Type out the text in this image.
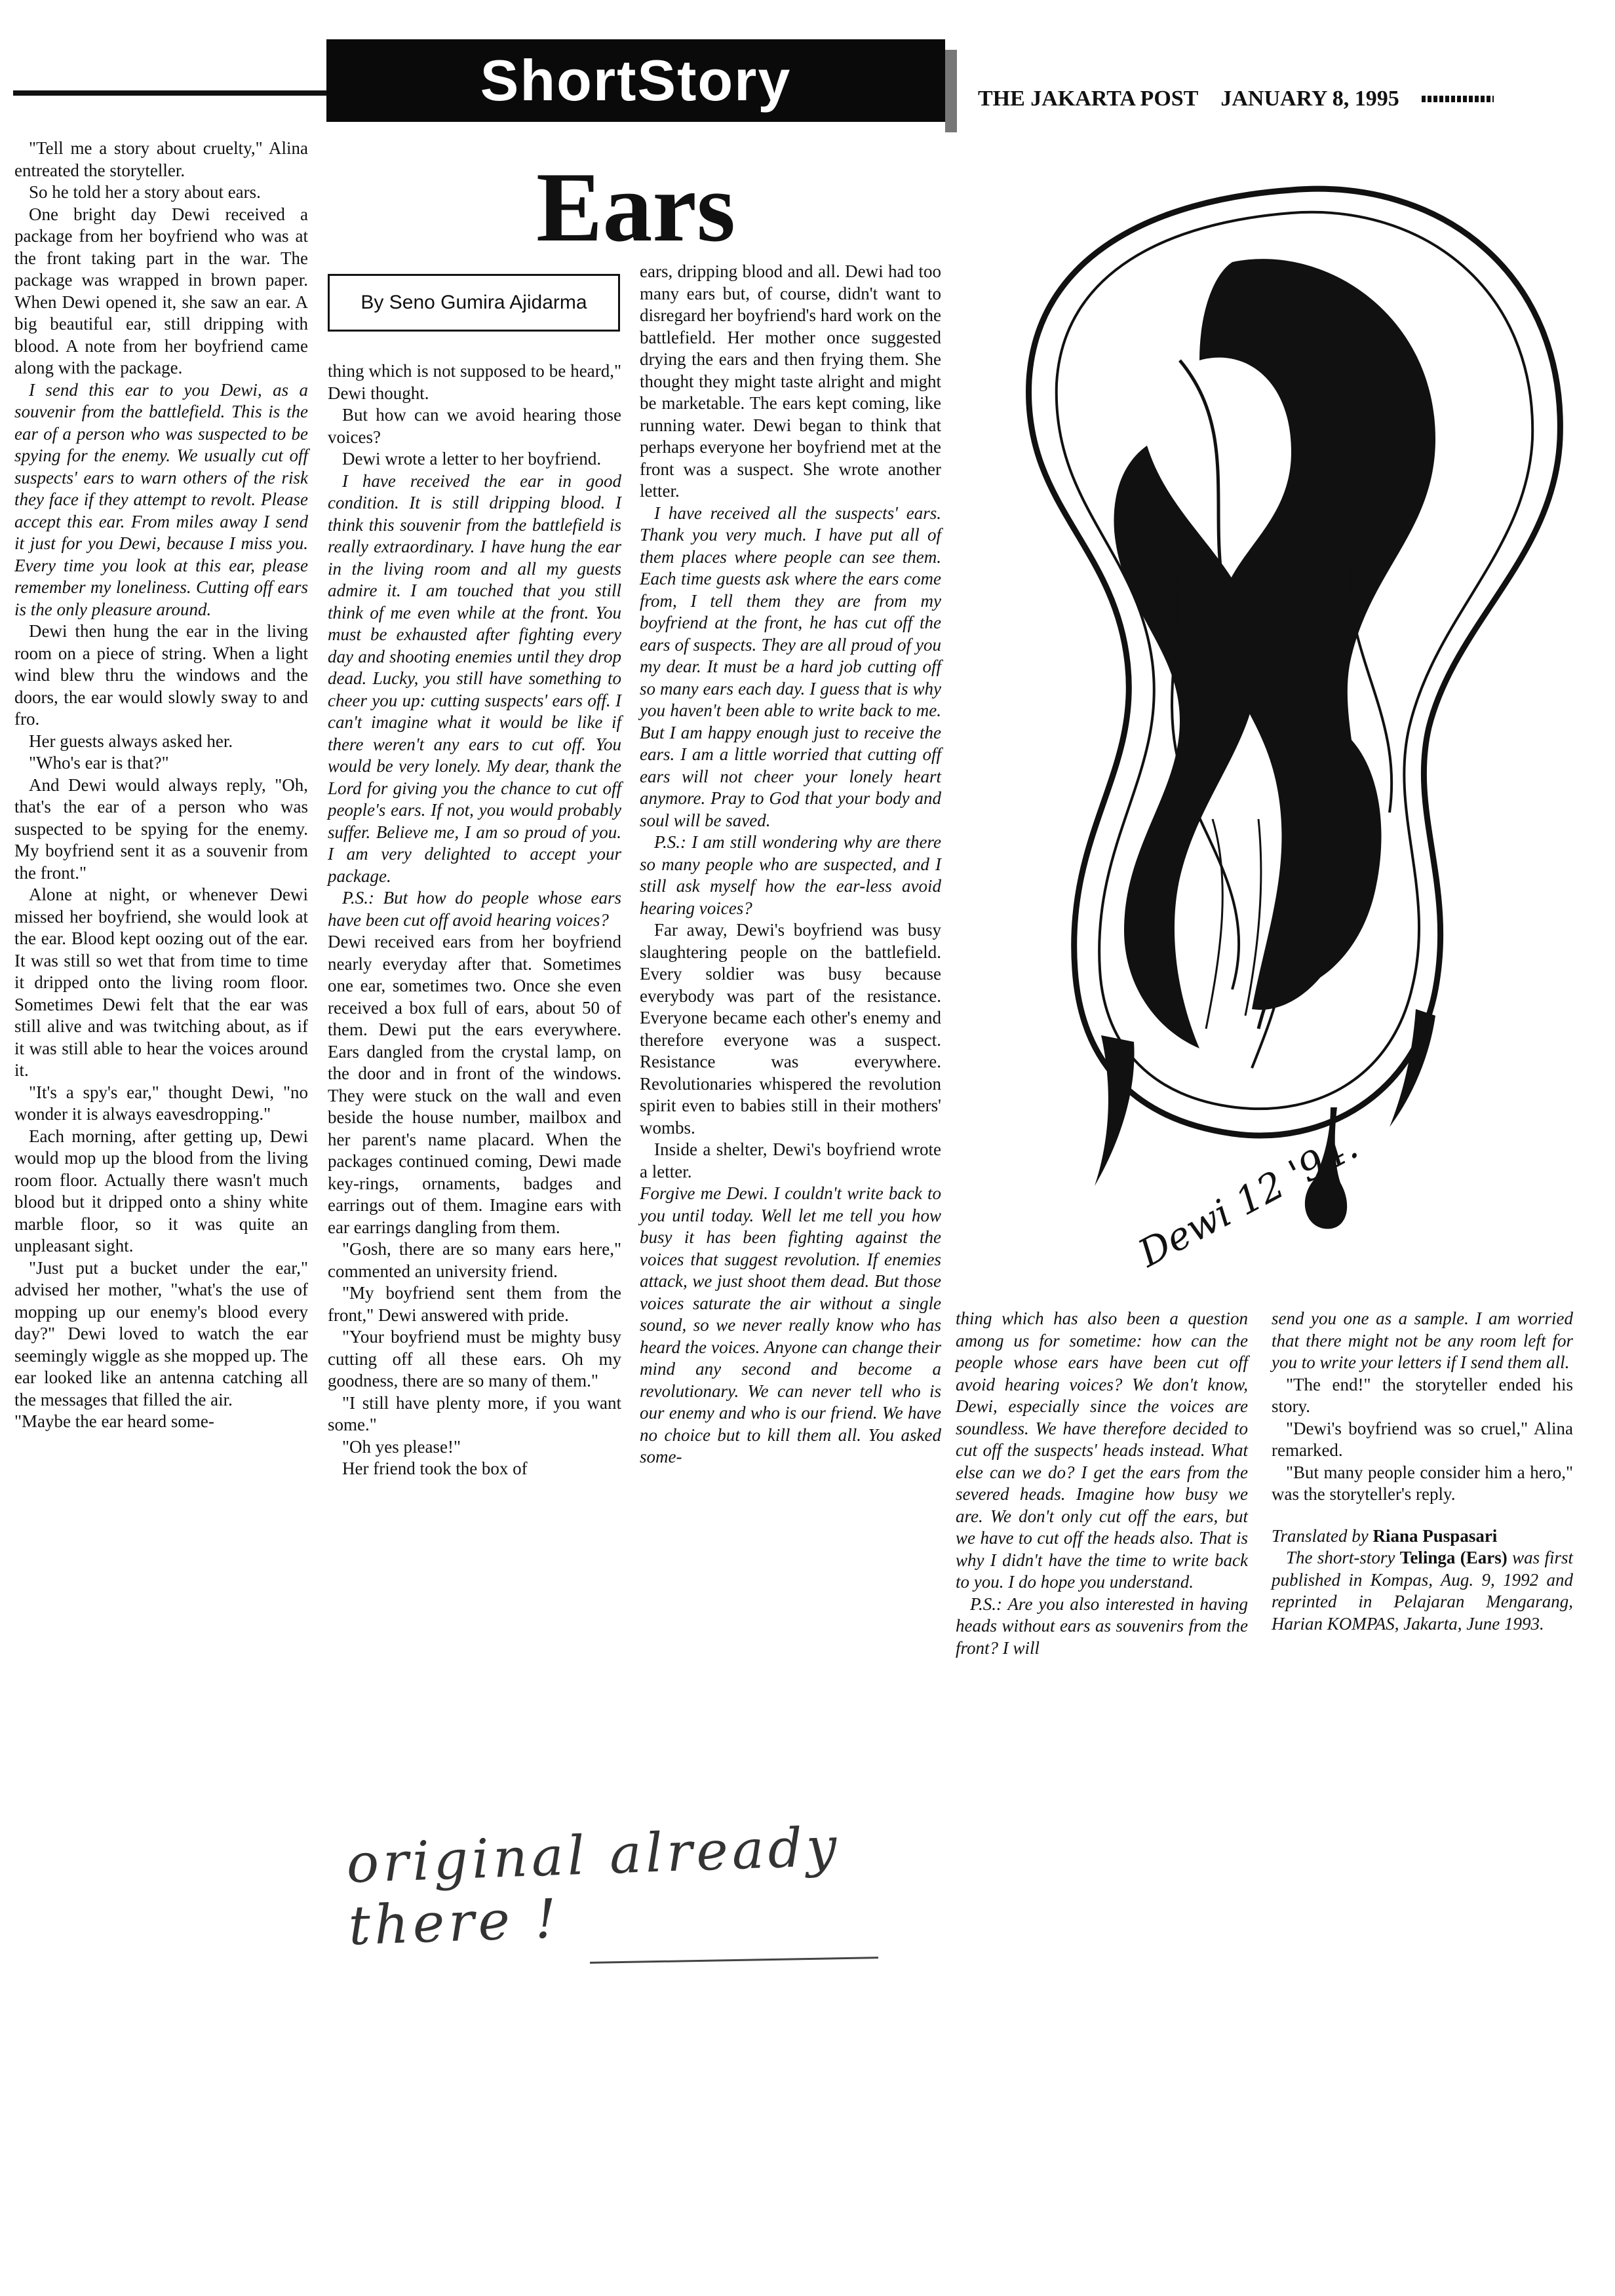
ShortStory	THE JAKARTA POST JANUARY 8, 1995
Ears
By Seno Gumira Ajidarma

"Tell me a story about cruelty," Alina entreated the storyteller.

So he told her a story about ears.

One bright day Dewi received a package from her boyfriend who was at the front taking part in the war. The package was wrapped in brown paper. When Dewi opened it, she saw an ear. A big beautiful ear, still dripping with blood. A note from her boyfriend came along with the package.

I send this ear to you Dewi, as a souvenir from the battlefield. This is the ear of a person who was suspected to be spying for the enemy. We usually cut off suspects' ears to warn others of the risk they face if they attempt to revolt. Please accept this ear. From miles away I send it just for you Dewi, because I miss you. Every time you look at this ear, please remember my loneliness. Cutting off ears is the only pleasure around.

Dewi then hung the ear in the living room on a piece of string. When a light wind blew thru the windows and the doors, the ear would slowly sway to and fro.

Her guests always asked her.

"Who's ear is that?"

And Dewi would always reply, "Oh, that's the ear of a person who was suspected to be spying for the enemy. My boyfriend sent it as a souvenir from the front."

Alone at night, or whenever Dewi missed her boyfriend, she would look at the ear. Blood kept oozing out of the ear. It was still so wet that from time to time it dripped onto the living room floor. Sometimes Dewi felt that the ear was still alive and was twitching about, as if it was still able to hear the voices around it.

"It's a spy's ear," thought Dewi, "no wonder it is always eavesdropping."

Each morning, after getting up, Dewi would mop up the blood from the living room floor. Actually there wasn't much blood but it dripped onto a shiny white marble floor, so it was quite an unpleasant sight.

"Just put a bucket under the ear," advised her mother, "what's the use of mopping up our enemy's blood every day?" Dewi loved to watch the ear seemingly wiggle as she mopped up. The ear looked like an antenna catching all the messages that filled the air.

"Maybe the ear heard some-

thing which is not supposed to be heard," Dewi thought.

But how can we avoid hearing those voices?

Dewi wrote a letter to her boyfriend.

I have received the ear in good condition. It is still dripping blood. I think this souvenir from the battlefield is really extraordinary. I have hung the ear in the living room and all my guests admire it. I am touched that you still think of me even while at the front. You must be exhausted after fighting every day and shooting enemies until they drop dead. Lucky, you still have something to cheer you up: cutting suspects' ears off. I can't imagine what it would be like if there weren't any ears to cut off. You would be very lonely. My dear, thank the Lord for giving you the chance to cut off people's ears. If not, you would probably suffer. Believe me, I am so proud of you. I am very delighted to accept your package.

P.S.: But how do people whose ears have been cut off avoid hearing voices?

Dewi received ears from her boyfriend nearly everyday after that. Sometimes one ear, sometimes two. Once she even received a box full of ears, about 50 of them. Dewi put the ears everywhere. Ears dangled from the crystal lamp, on the door and in front of the windows. They were stuck on the wall and even beside the house number, mailbox and her parent's name placard. When the packages continued coming, Dewi made key-rings, ornaments, badges and earrings out of them. Imagine ears with ear earrings dangling from them.

"Gosh, there are so many ears here," commented an university friend.

"My boyfriend sent them from the front," Dewi answered with pride.

"Your boyfriend must be mighty busy cutting off all these ears. Oh my goodness, there are so many of them."

"I still have plenty more, if you want some."

"Oh yes please!"

Her friend took the box of

ears, dripping blood and all. Dewi had too many ears but, of course, didn't want to disregard her boyfriend's hard work on the battlefield. Her mother once suggested drying the ears and then frying them. She thought they might taste alright and might be marketable. The ears kept coming, like running water. Dewi began to think that perhaps everyone her boyfriend met at the front was a suspect. She wrote another letter.

I have received all the suspects' ears. Thank you very much. I have put all of them places where people can see them. Each time guests ask where the ears come from, I tell them they are from my boyfriend at the front, he has cut off the ears of suspects. They are all proud of you my dear. It must be a hard job cutting off so many ears each day. I guess that is why you haven't been able to write back to me. But I am happy enough just to receive the ears. I am a little worried that cutting off ears will not cheer your lonely heart anymore. Pray to God that your body and soul will be saved.

P.S.: I am still wondering why are there so many people who are suspected, and I still ask myself how the ear-less avoid hearing voices?

Far away, Dewi's boyfriend was busy slaughtering people on the battlefield. Every soldier was busy because everybody was part of the resistance. Everyone became each other's enemy and therefore everyone was a suspect. Resistance was everywhere. Revolutionaries whispered the revolution spirit even to babies still in their mothers' wombs.

Inside a shelter, Dewi's boyfriend wrote a letter.

Forgive me Dewi. I couldn't write back to you until today. Well let me tell you how busy it has been fighting against the voices that suggest revolution. If enemies attack, we just shoot them dead. But those voices saturate the air without a single sound, so we never really know who has heard the voices. Anyone can change their mind any second and become a revolutionary. We can never tell who is our enemy and who is our friend. We have no choice but to kill them all. You asked some-

thing which has also been a question among us for sometime: how can the people whose ears have been cut off avoid hearing voices? We don't know, Dewi, especially since the voices are soundless. We have therefore decided to cut off the suspects' heads instead. What else can we do? I get the ears from the severed heads. Imagine how busy we are. We don't only cut off the ears, but we have to cut off the heads also. That is why I didn't have the time to write back to you. I do hope you understand.

P.S.: Are you also interested in having heads without ears as souvenirs from the front? I will

send you one as a sample. I am worried that there might not be any room left for you to write your letters if I send them all.

"The end!" the storyteller ended his story.

"Dewi's boyfriend was so cruel," Alina remarked.

"But many people consider him a hero," was the storyteller's reply.

Translated by Riana Puspasari

The short-story Telinga (Ears) was first published in Kompas, Aug. 9, 1992 and reprinted in Pelajaran Mengarang, Harian KOMPAS, Jakarta, June 1993.

Dewi 12 '94.
original already there !
